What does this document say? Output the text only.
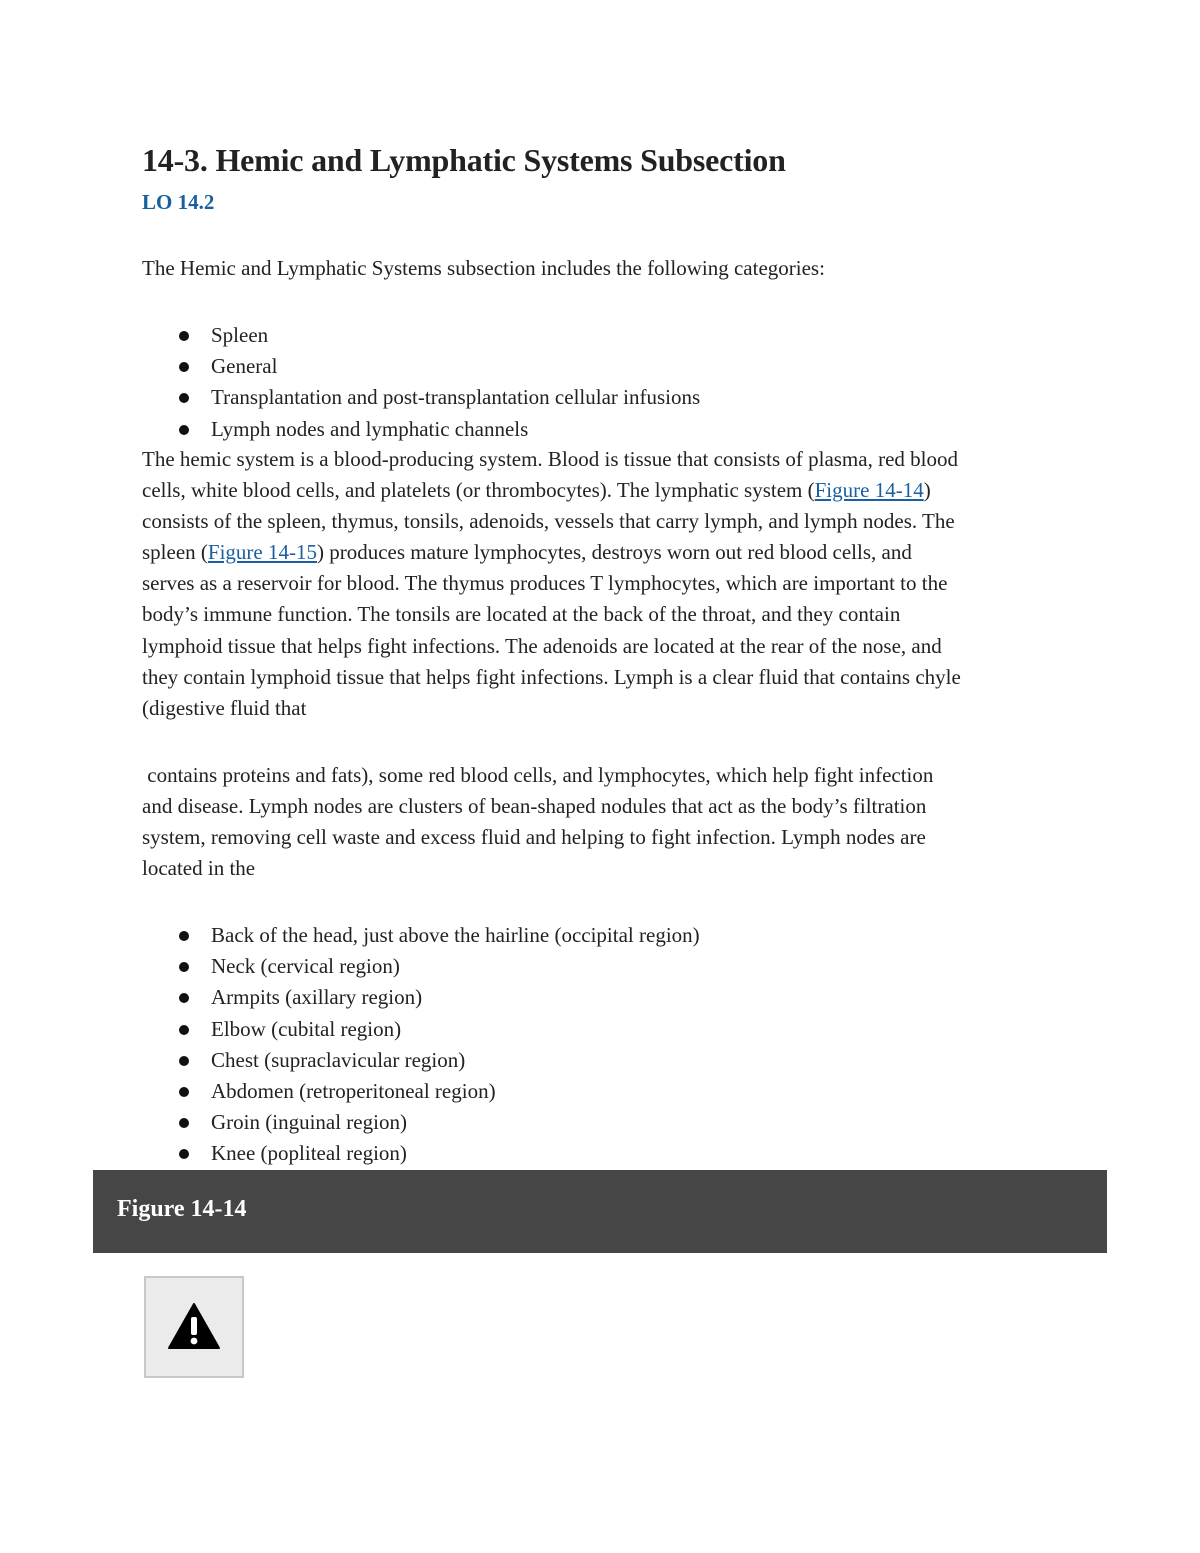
14-3. Hemic and Lymphatic Systems Subsection
LO 14.2

The Hemic and Lymphatic Systems subsection includes the following categories:

Spleen
General
Transplantation and post-transplantation cellular infusions
Lymph nodes and lymphatic channels

The hemic system is a blood-producing system. Blood is tissue that consists of plasma, red blood
cells, white blood cells, and platelets (or thrombocytes). The lymphatic system (Figure 14-14)
consists of the spleen, thymus, tonsils, adenoids, vessels that carry lymph, and lymph nodes. The
spleen (Figure 14-15) produces mature lymphocytes, destroys worn out red blood cells, and
serves as a reservoir for blood. The thymus produces T lymphocytes, which are important to the
body’s immune function. The tonsils are located at the back of the throat, and they contain
lymphoid tissue that helps fight infections. The adenoids are located at the rear of the nose, and
they contain lymphoid tissue that helps fight infections. Lymph is a clear fluid that contains chyle
(digestive fluid that

contains proteins and fats), some red blood cells, and lymphocytes, which help fight infection
and disease. Lymph nodes are clusters of bean-shaped nodules that act as the body’s filtration
system, removing cell waste and excess fluid and helping to fight infection. Lymph nodes are
located in the

Back of the head, just above the hairline (occipital region)
Neck (cervical region)
Armpits (axillary region)
Elbow (cubital region)
Chest (supraclavicular region)
Abdomen (retroperitoneal region)
Groin (inguinal region)
Knee (popliteal region)
Figure 14-14
